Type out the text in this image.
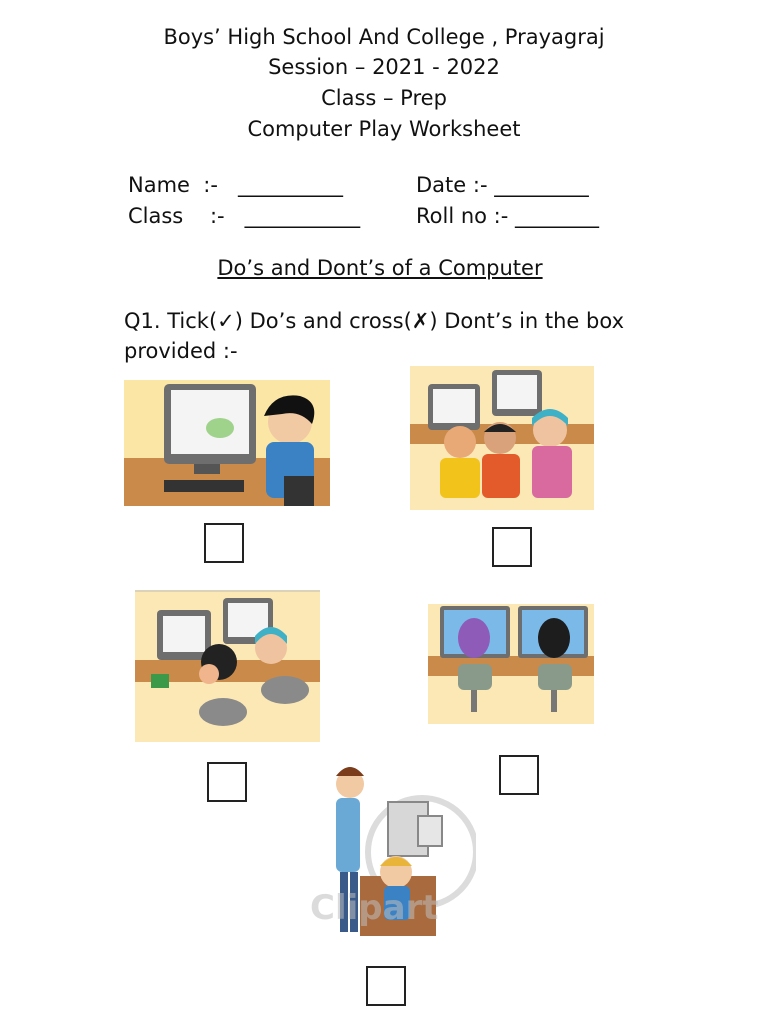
Boys’ High School And College , Prayagraj
Session – 2021 - 2022
Class – Prep
Computer Play Worksheet
Name  :-   __________	Date :- _________
Class    :-   ___________	Roll no :- ________
Do’s and Dont’s of a Computer
Q1. Tick(✓) Do’s and cross(✗) Dont’s in the box
provided :-
Clipart
